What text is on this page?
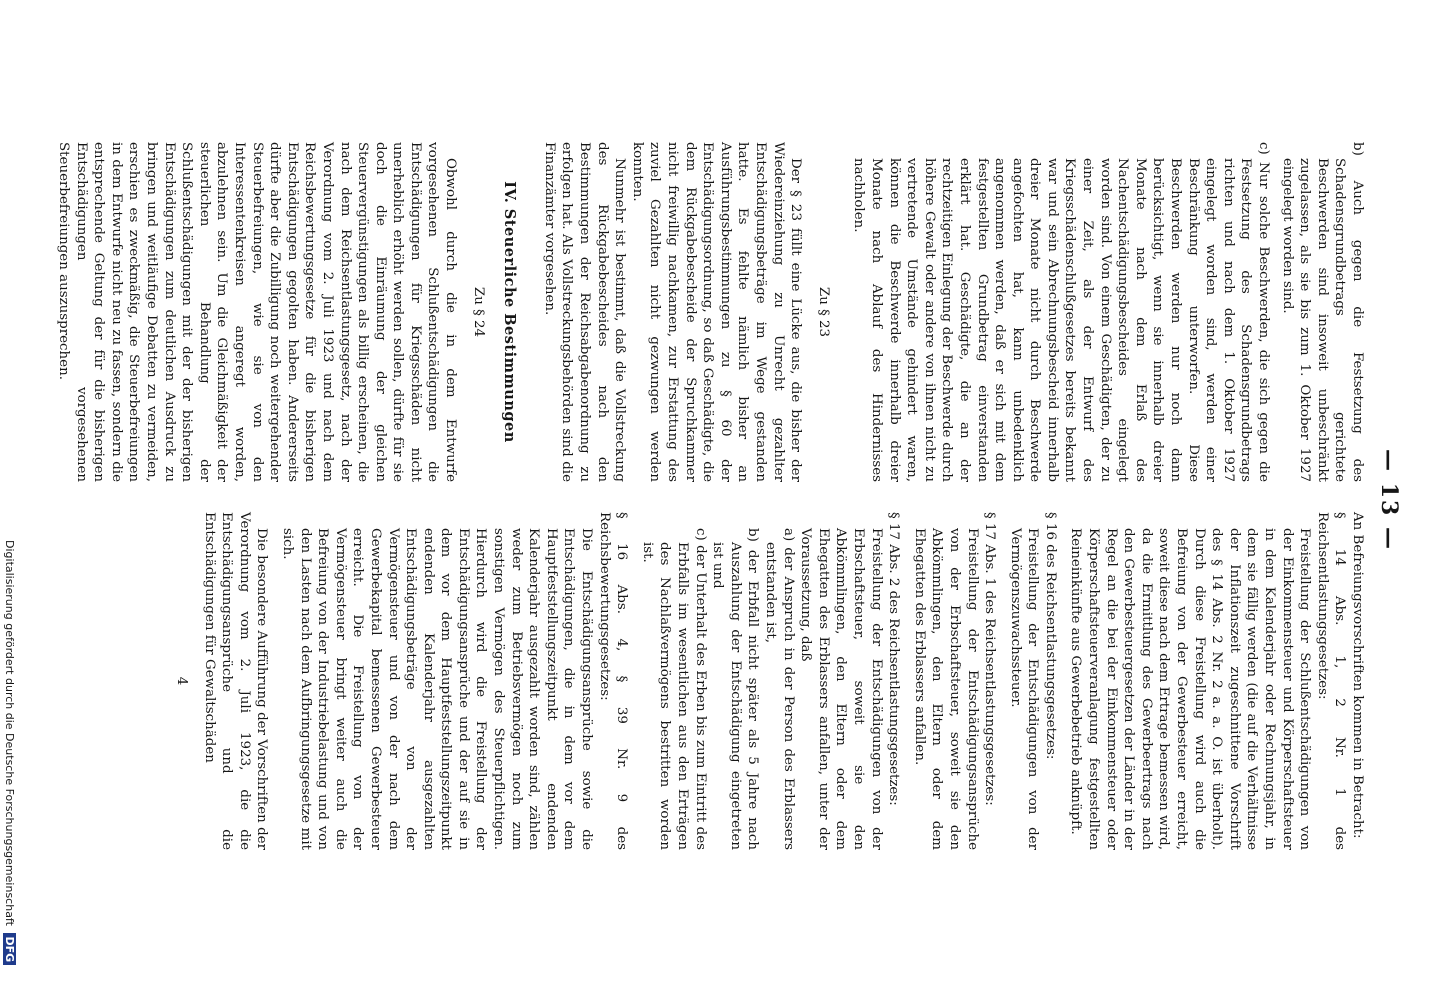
— 13 —

b) Auch gegen die Festsetzung des Schadensgrundbetrags gerichtete Beschwerden sind insoweit unbeschränkt zugelassen, als sie bis zum 1. Oktober 1927 eingelegt worden sind.

c) Nur solche Beschwerden, die sich gegen die Festsetzung des Schadensgrundbetrags richten und nach dem 1. Oktober 1927 eingelegt worden sind, werden einer Beschränkung unterworfen. Diese Beschwerden werden nur noch dann berücksichtigt, wenn sie innerhalb dreier Monate nach dem Erlaß des Nachentschädigungsbescheides eingelegt worden sind. Von einem Geschädigten, der zu einer Zeit, als der Entwurf des Kriegsschädenschlußgesetzes bereits bekannt war und sein Abrechnungsbescheid innerhalb dreier Monate nicht durch Beschwerde angefochten hat, kann unbedenklich angenommen werden, daß er sich mit dem festgestellten Grundbetrag einverstanden erklärt hat. Geschädigte, die an der rechtzeitigen Einlegung der Beschwerde durch höhere Gewalt oder andere von ihnen nicht zu vertretende Umstände gehindert waren, können die Beschwerde innerhalb dreier Monate nach Ablauf des Hindernisses nachholen.

Zu § 23

Der § 23 füllt eine Lücke aus, die bisher der Wiedereinziehung zu Unrecht gezahlter Entschädigungsbeträge im Wege gestanden hatte. Es fehlte nämlich bisher an Ausführungsbestimmungen zu § 60 der Entschädigungsordnung, so daß Geschädigte, die dem Rückgabebescheide der Spruchkammer nicht freiwillig nachkamen, zur Erstattung des zuviel Gezahlten nicht gezwungen werden konnten.

Nunmehr ist bestimmt, daß die Vollstreckung des Rückgabebescheides nach den Bestimmungen der Reichsabgabenordnung zu erfolgen hat. Als Vollstreckungsbehörden sind die Finanzämter vorgesehen.

IV. Steuerliche Bestimmungen

Zu § 24

Obwohl durch die in dem Entwurfe vorgesehenen Schlußentschädigungen die Entschädigungen für Kriegsschäden nicht unerheblich erhöht werden sollen, dürfte für sie doch die Einräumung der gleichen Steuervergünstigungen als billig erscheinen, die nach dem Reichsentlastungsgesetz, nach der Verordnung vom 2. Juli 1923 und nach dem Reichsbewertungsgesetze für die bisherigen Entschädigungen gegolten haben. Andererseits dürfte aber die Zubilligung noch weitergehender Steuerbefreiungen, wie sie von den Interessentenkreisen angeregt worden, abzulehnen sein. Um die Gleichmäßigkeit der steuerlichen Behandlung der Schlußentschädigungen mit der der bisherigen Entschädigungen zum deutlichen Ausdruck zu bringen und weitläufige Debatten zu vermeiden, erschien es zweckmäßig, die Steuerbefreiungen in dem Entwurfe nicht neu zu fassen, sondern die entsprechende Geltung der für die bisherigen Entschädigungen vorgesehenen Steuerbefreiungen auszusprechen.

An Befreiungsvorschriften kommen in Betracht:

§ 14 Abs. 1, 2 Nr. 1 des Reichsentlastungsgesetzes:

Freistellung der Schlußentschädigungen von der Einkommensteuer und Körperschaftsteuer in dem Kalenderjahr oder Rechnungsjahr, in dem sie fällig werden (die auf die Verhältnisse der Inflationszeit zugeschnittene Vorschrift des § 14 Abs. 2 Nr. 2 a. a. O. ist überholt). Durch diese Freistellung wird auch die Befreiung von der Gewerbesteuer erreicht, soweit diese nach dem Ertrage bemessen wird, da die Ermittlung des Gewerbeertrags nach den Gewerbesteuergesetzen der Länder in der Regel an die bei der Einkommensteuer oder Körperschaftsteuerveranlagung festgestellten Reineinkünfte aus Gewerbebetrieb anknüpft.

§ 16 des Reichsentlastungsgesetzes:

Freistellung der Entschädigungen von der Vermögenszuwachssteuer.

§ 17 Abs. 1 des Reichsentlastungsgesetzes:

Freistellung der Entschädigungsansprüche von der Erbschaftsteuer, soweit sie den Abkömmlingen, den Eltern oder dem Ehegatten des Erblassers anfallen.

§ 17 Abs. 2 des Reichsentlastungsgesetzes:

Freistellung der Entschädigungen von der Erbschaftsteuer, soweit sie den Abkömmlingen, den Eltern oder dem Ehegatten des Erblassers anfallen, unter der Voraussetzung, daß

a) der Anspruch in der Person des Erblassers entstanden ist,

b) der Erbfall nicht später als 5 Jahre nach Auszahlung der Entschädigung eingetreten ist und

c) der Unterhalt des Erben bis zum Eintritt des Erbfalls im wesentlichen aus den Erträgen des Nachlaßvermögens bestritten worden ist.

§ 16 Abs. 4, § 39 Nr. 9 des Reichsbewertungsgesetzes:

Die Entschädigungsansprüche sowie die Entschädigungen, die in dem vor dem Hauptfeststellungszeitpunkt endenden Kalenderjahr ausgezahlt worden sind, zählen weder zum Betriebsvermögen noch zum sonstigen Vermögen des Steuerpflichtigen. Hierdurch wird die Freistellung der Entschädigungsansprüche und der auf sie in dem vor dem Hauptfeststellungszeitpunkt endenden Kalenderjahr ausgezahlten Entschädigungsbeträge von der Vermögensteuer und von der nach dem Gewerbekapital bemessenen Gewerbesteuer erreicht. Die Freistellung von der Vermögensteuer bringt weiter auch die Befreiung von der Industriebelastung und von den Lasten nach dem Aufbringungsgesetze mit sich.

Die besondere Aufführung der Vorschriften der Verordnung vom 2. Juli 1923, die die Entschädigungsansprüche und die Entschädigungen für Gewaltschäden

4

Digitalisierung gefördert durch die Deutsche Forschungsgemeinschaft DFG
